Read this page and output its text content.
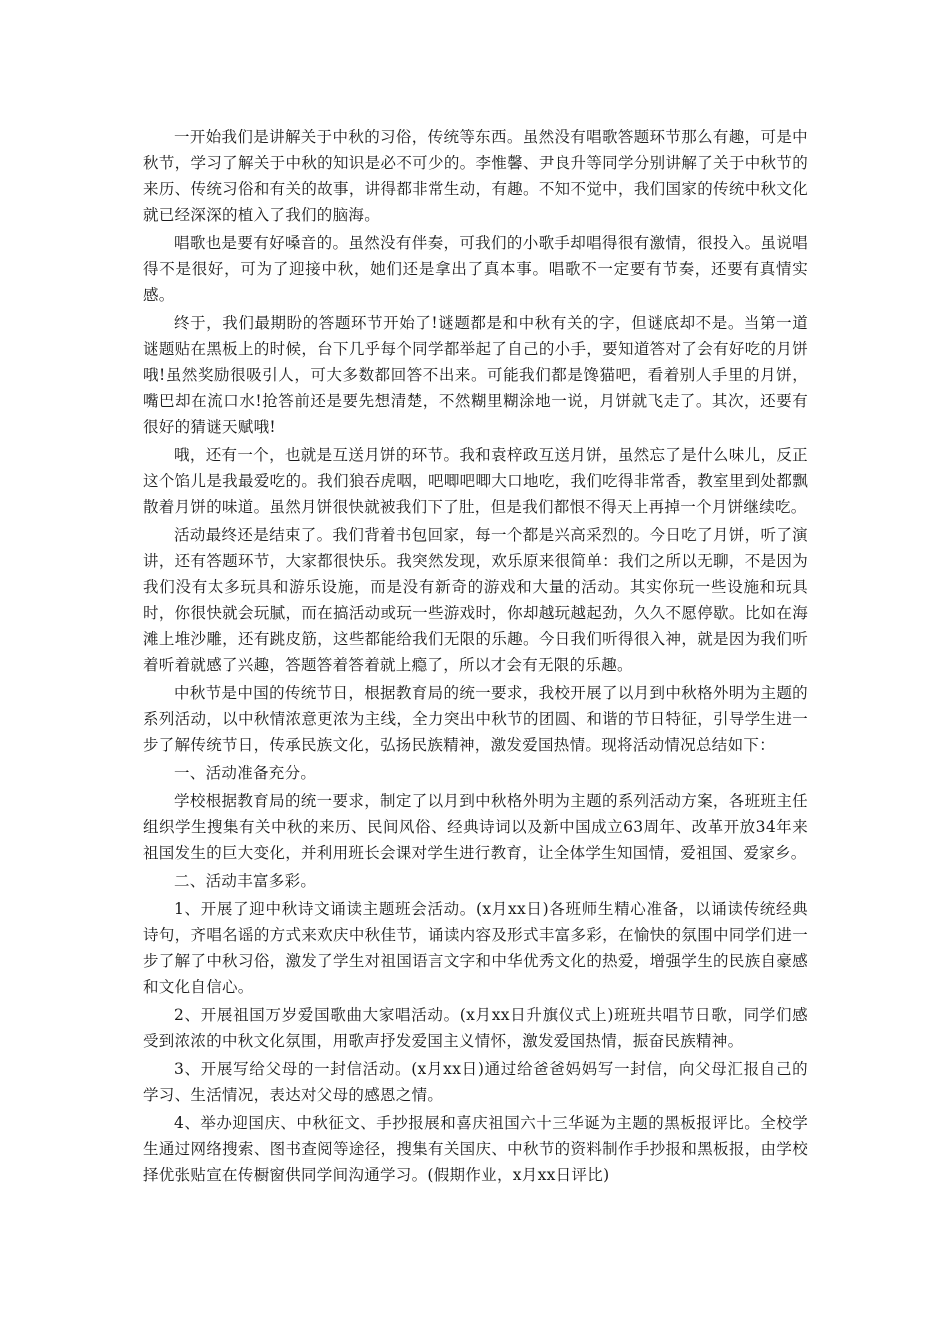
一开始我们是讲解关于中秋的习俗，传统等东西。虽然没有唱歌答题环节那么有趣，可是中秋节，学习了解关于中秋的知识是必不可少的。李惟馨、尹良升等同学分别讲解了关于中秋节的来历、传统习俗和有关的故事，讲得都非常生动，有趣。不知不觉中，我们国家的传统中秋文化就已经深深的植入了我们的脑海。

唱歌也是要有好嗓音的。虽然没有伴奏，可我们的小歌手却唱得很有激情，很投入。虽说唱得不是很好，可为了迎接中秋，她们还是拿出了真本事。唱歌不一定要有节奏，还要有真情实感。

终于，我们最期盼的答题环节开始了!谜题都是和中秋有关的字，但谜底却不是。当第一道谜题贴在黑板上的时候，台下几乎每个同学都举起了自己的小手，要知道答对了会有好吃的月饼哦!虽然奖励很吸引人，可大多数都回答不出来。可能我们都是馋猫吧，看着别人手里的月饼，嘴巴却在流口水!抢答前还是要先想清楚，不然糊里糊涂地一说，月饼就飞走了。其次，还要有很好的猜谜天赋哦!

哦，还有一个，也就是互送月饼的环节。我和袁梓政互送月饼，虽然忘了是什么味儿，反正这个馅儿是我最爱吃的。我们狼吞虎咽，吧唧吧唧大口地吃，我们吃得非常香，教室里到处都飘散着月饼的味道。虽然月饼很快就被我们下了肚，但是我们都恨不得天上再掉一个月饼继续吃。

活动最终还是结束了。我们背着书包回家，每一个都是兴高采烈的。今日吃了月饼，听了演讲，还有答题环节，大家都很快乐。我突然发现，欢乐原来很简单：我们之所以无聊，不是因为我们没有太多玩具和游乐设施，而是没有新奇的游戏和大量的活动。其实你玩一些设施和玩具时，你很快就会玩腻，而在搞活动或玩一些游戏时，你却越玩越起劲，久久不愿停歇。比如在海滩上堆沙雕，还有跳皮筋，这些都能给我们无限的乐趣。今日我们听得很入神，就是因为我们听着听着就感了兴趣，答题答着答着就上瘾了，所以才会有无限的乐趣。

中秋节是中国的传统节日，根据教育局的统一要求，我校开展了以月到中秋格外明为主题的系列活动，以中秋情浓意更浓为主线，全力突出中秋节的团圆、和谐的节日特征，引导学生进一步了解传统节日，传承民族文化，弘扬民族精神，激发爱国热情。现将活动情况总结如下：

一、活动准备充分。

学校根据教育局的统一要求，制定了以月到中秋格外明为主题的系列活动方案，各班班主任组织学生搜集有关中秋的来历、民间风俗、经典诗词以及新中国成立63周年、改革开放34年来祖国发生的巨大变化，并利用班长会课对学生进行教育，让全体学生知国情，爱祖国、爱家乡。

二、活动丰富多彩。

1、开展了迎中秋诗文诵读主题班会活动。(x月xx日)各班师生精心准备，以诵读传统经典诗句，齐唱名谣的方式来欢庆中秋佳节，诵读内容及形式丰富多彩，在愉快的氛围中同学们进一步了解了中秋习俗，激发了学生对祖国语言文字和中华优秀文化的热爱，增强学生的民族自豪感和文化自信心。

2、开展祖国万岁爱国歌曲大家唱活动。(x月xx日升旗仪式上)班班共唱节日歌，同学们感受到浓浓的中秋文化氛围，用歌声抒发爱国主义情怀，激发爱国热情，振奋民族精神。

3、开展写给父母的一封信活动。(x月xx日)通过给爸爸妈妈写一封信，向父母汇报自己的学习、生活情况，表达对父母的感恩之情。

4、举办迎国庆、中秋征文、手抄报展和喜庆祖国六十三华诞为主题的黑板报评比。全校学生通过网络搜索、图书查阅等途径，搜集有关国庆、中秋节的资料制作手抄报和黑板报，由学校择优张贴宣在传橱窗供同学间沟通学习。(假期作业，x月xx日评比)
